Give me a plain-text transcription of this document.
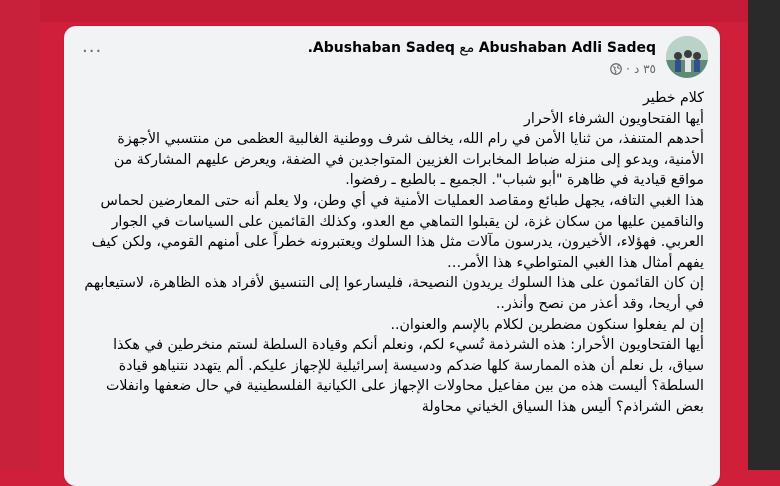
Abushaban Adli Sadeq مع Abushaban Sadeq.
٣٥ د
·
...

كلام خطير

أيها الفتحاويون الشرفاء الأحرار

أحدهم المتنفذ، من ثنايا الأمن في رام الله، يخالف شرف ووطنية الغالبية العظمى من منتسبي الأجهزة الأمنية، ويدعو إلى منزله ضباط المخابرات الغزيين المتواجدين في الضفة، ويعرض عليهم المشاركة من مواقع قيادية في ظاهرة "أبو شباب". الجميع ـ بالطبع ـ رفضوا.

هذا الغبي التافه، يجهل طبائع ومقاصد العمليات الأمنية في أي وطن، ولا يعلم أنه حتى المعارضين لحماس والناقمين عليها من سكان غزة، لن يقبلوا التماهي مع العدو، وكذلك القائمين على السياسات في الجوار العربي. فهؤلاء، الأخيرون، يدرسون مآلات مثل هذا السلوك ويعتبرونه خطراً على أمنهم القومي، ولكن كيف يفهم أمثال هذا الغبي المتواطيء هذا الأمر…

إن كان القائمون على هذا السلوك يريدون النصيحة، فليسارعوا إلى التنسيق لأفراد هذه الظاهرة، لاستيعابهم في أريحا، وقد أعذر من نصح وأنذر..

إن لم يفعلوا سنكون مضطرين لكلام بالإسم والعنوان..

أيها الفتحاويون الأحرار: هذه الشرذمة تُسيء لكم، ونعلم أنكم وقيادة السلطة لستم منخرطين في هكذا سياق، بل نعلم أن هذه الممارسة كلها ضدكم ودسيسة إسرائيلية للإجهاز عليكم. ألم يتهدد نتنياهو قيادة السلطة؟ أليست هذه من بين مفاعيل محاولات الإجهاز على الكيانية الفلسطينية في حال ضعفها وانفلات بعض الشراذم؟ أليس هذا السياق الخياني محاولة
